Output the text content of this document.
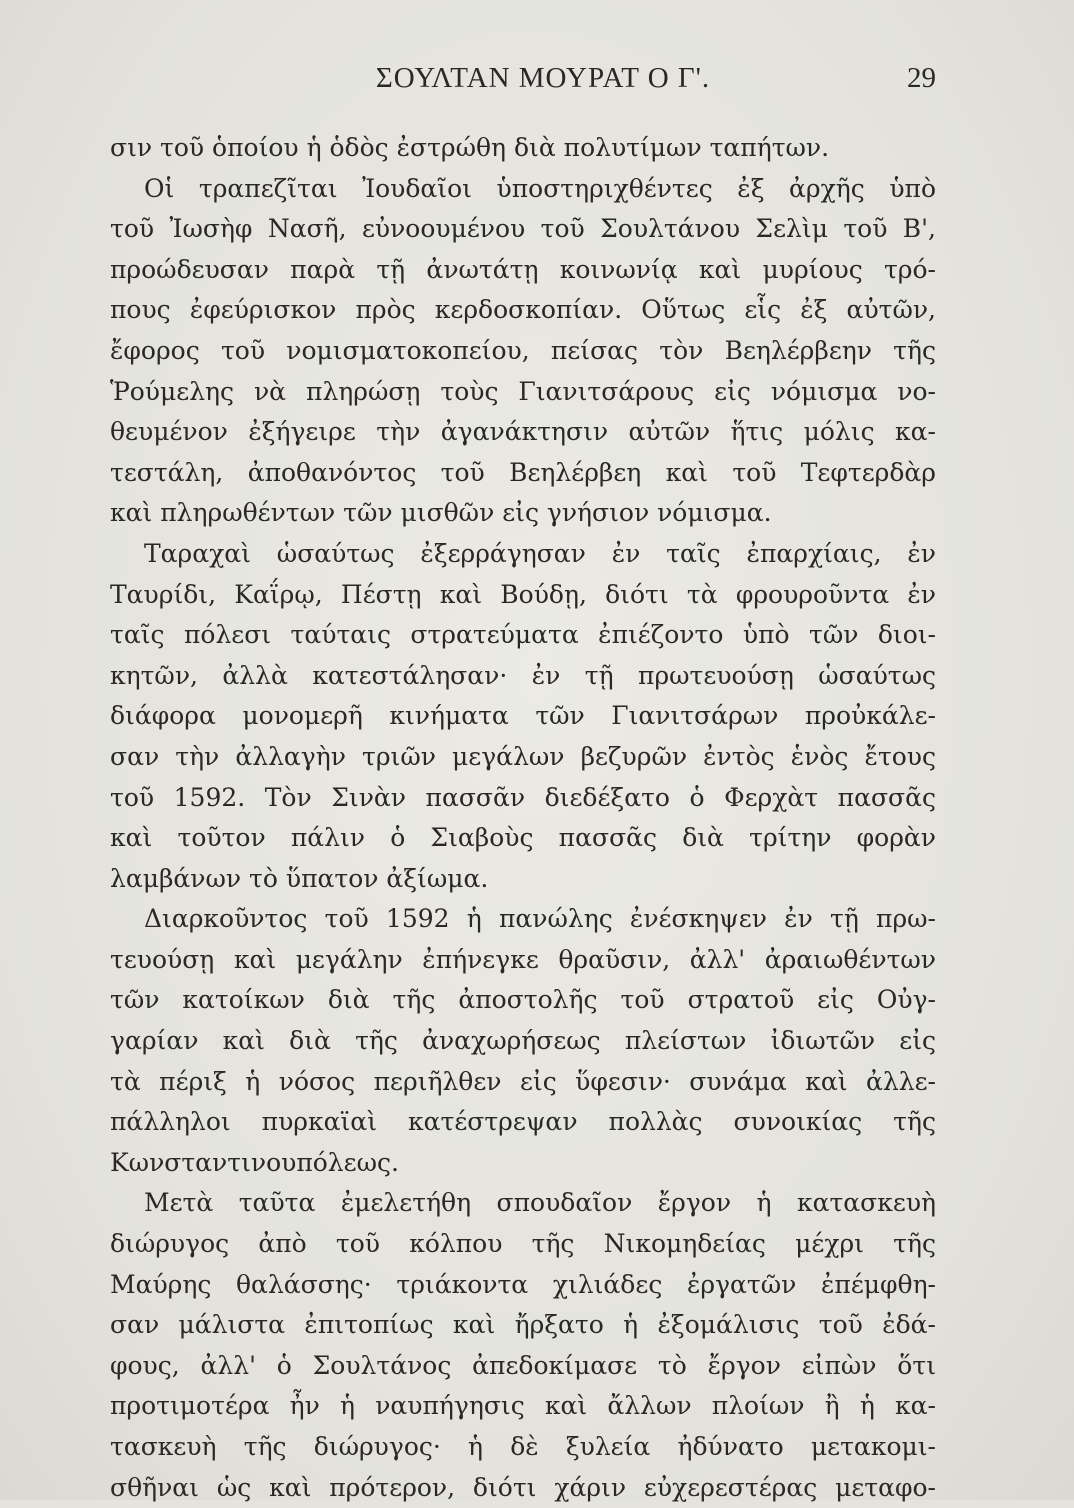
ΣΟΥΛΤΑΝ ΜΟΥΡΑΤ Ο Γ'.	29
σιν τοῦ ὁποίου ἡ ὁδὸς ἐστρώθη διὰ πολυτίμων ταπήτων.
Οἱ τραπεζῖται Ἰουδαῖοι ὑποστηριχθέντες ἐξ ἀρχῆς ὑπὸ
τοῦ Ἰωσὴφ Νασῆ, εὐνοουμένου τοῦ Σουλτάνου Σελὶμ τοῦ Β',
προώδευσαν παρὰ τῇ ἀνωτάτῃ κοινωνίᾳ καὶ μυρίους τρό-
πους ἐφεύρισκον πρὸς κερδοσκοπίαν. Οὕτως εἷς ἐξ αὐτῶν,
ἔφορος τοῦ νομισματοκοπείου, πείσας τὸν Βεηλέρβεην τῆς
Ῥούμελης νὰ πληρώσῃ τοὺς Γιανιτσάρους εἰς νόμισμα νο-
θευμένον ἐξήγειρε τὴν ἀγανάκτησιν αὐτῶν ἥτις μόλις κα-
τεστάλη, ἀποθανόντος τοῦ Βεηλέρβεη καὶ τοῦ Τεφτερδὰρ
καὶ πληρωθέντων τῶν μισθῶν εἰς γνήσιον νόμισμα.
Ταραχαὶ ὡσαύτως ἐξερράγησαν ἐν ταῖς ἐπαρχίαις, ἐν
Ταυρίδι, Καΐρῳ, Πέστῃ καὶ Βούδῃ, διότι τὰ φρουροῦντα ἐν
ταῖς πόλεσι ταύταις στρατεύματα ἐπιέζοντο ὑπὸ τῶν διοι-
κητῶν, ἀλλὰ κατεστάλησαν· ἐν τῇ πρωτευούσῃ ὡσαύτως
διάφορα μονομερῆ κινήματα τῶν Γιανιτσάρων προὐκάλε-
σαν τὴν ἀλλαγὴν τριῶν μεγάλων βεζυρῶν ἐντὸς ἑνὸς ἔτους
τοῦ 1592. Τὸν Σινὰν πασσᾶν διεδέξατο ὁ Φερχὰτ πασσᾶς
καὶ τοῦτον πάλιν ὁ Σιαβοὺς πασσᾶς διὰ τρίτην φορὰν
λαμβάνων τὸ ὕπατον ἀξίωμα.
Διαρκοῦντος τοῦ 1592 ἡ πανώλης ἐνέσκηψεν ἐν τῇ πρω-
τευούσῃ καὶ μεγάλην ἐπήνεγκε θραῦσιν, ἀλλ' ἀραιωθέντων
τῶν κατοίκων διὰ τῆς ἀποστολῆς τοῦ στρατοῦ εἰς Οὐγ-
γαρίαν καὶ διὰ τῆς ἀναχωρήσεως πλείστων ἰδιωτῶν εἰς
τὰ πέριξ ἡ νόσος περιῆλθεν εἰς ὕφεσιν· συνάμα καὶ ἀλλε-
πάλληλοι πυρκαϊαὶ κατέστρεψαν πολλὰς συνοικίας τῆς
Κωνσταντινουπόλεως.
Μετὰ ταῦτα ἐμελετήθη σπουδαῖον ἔργον ἡ κατασκευὴ
διώρυγος ἀπὸ τοῦ κόλπου τῆς Νικομηδείας μέχρι τῆς
Μαύρης θαλάσσης· τριάκοντα χιλιάδες ἐργατῶν ἐπέμφθη-
σαν μάλιστα ἐπιτοπίως καὶ ἤρξατο ἡ ἐξομάλισις τοῦ ἐδά-
φους, ἀλλ' ὁ Σουλτάνος ἀπεδοκίμασε τὸ ἔργον εἰπὼν ὅτι
προτιμοτέρα ἦν ἡ ναυπήγησις καὶ ἄλλων πλοίων ἢ ἡ κα-
τασκευὴ τῆς διώρυγος· ἡ δὲ ξυλεία ἠδύνατο μετακομι-
σθῆναι ὡς καὶ πρότερον, διότι χάριν εὐχερεστέρας μεταφο-
